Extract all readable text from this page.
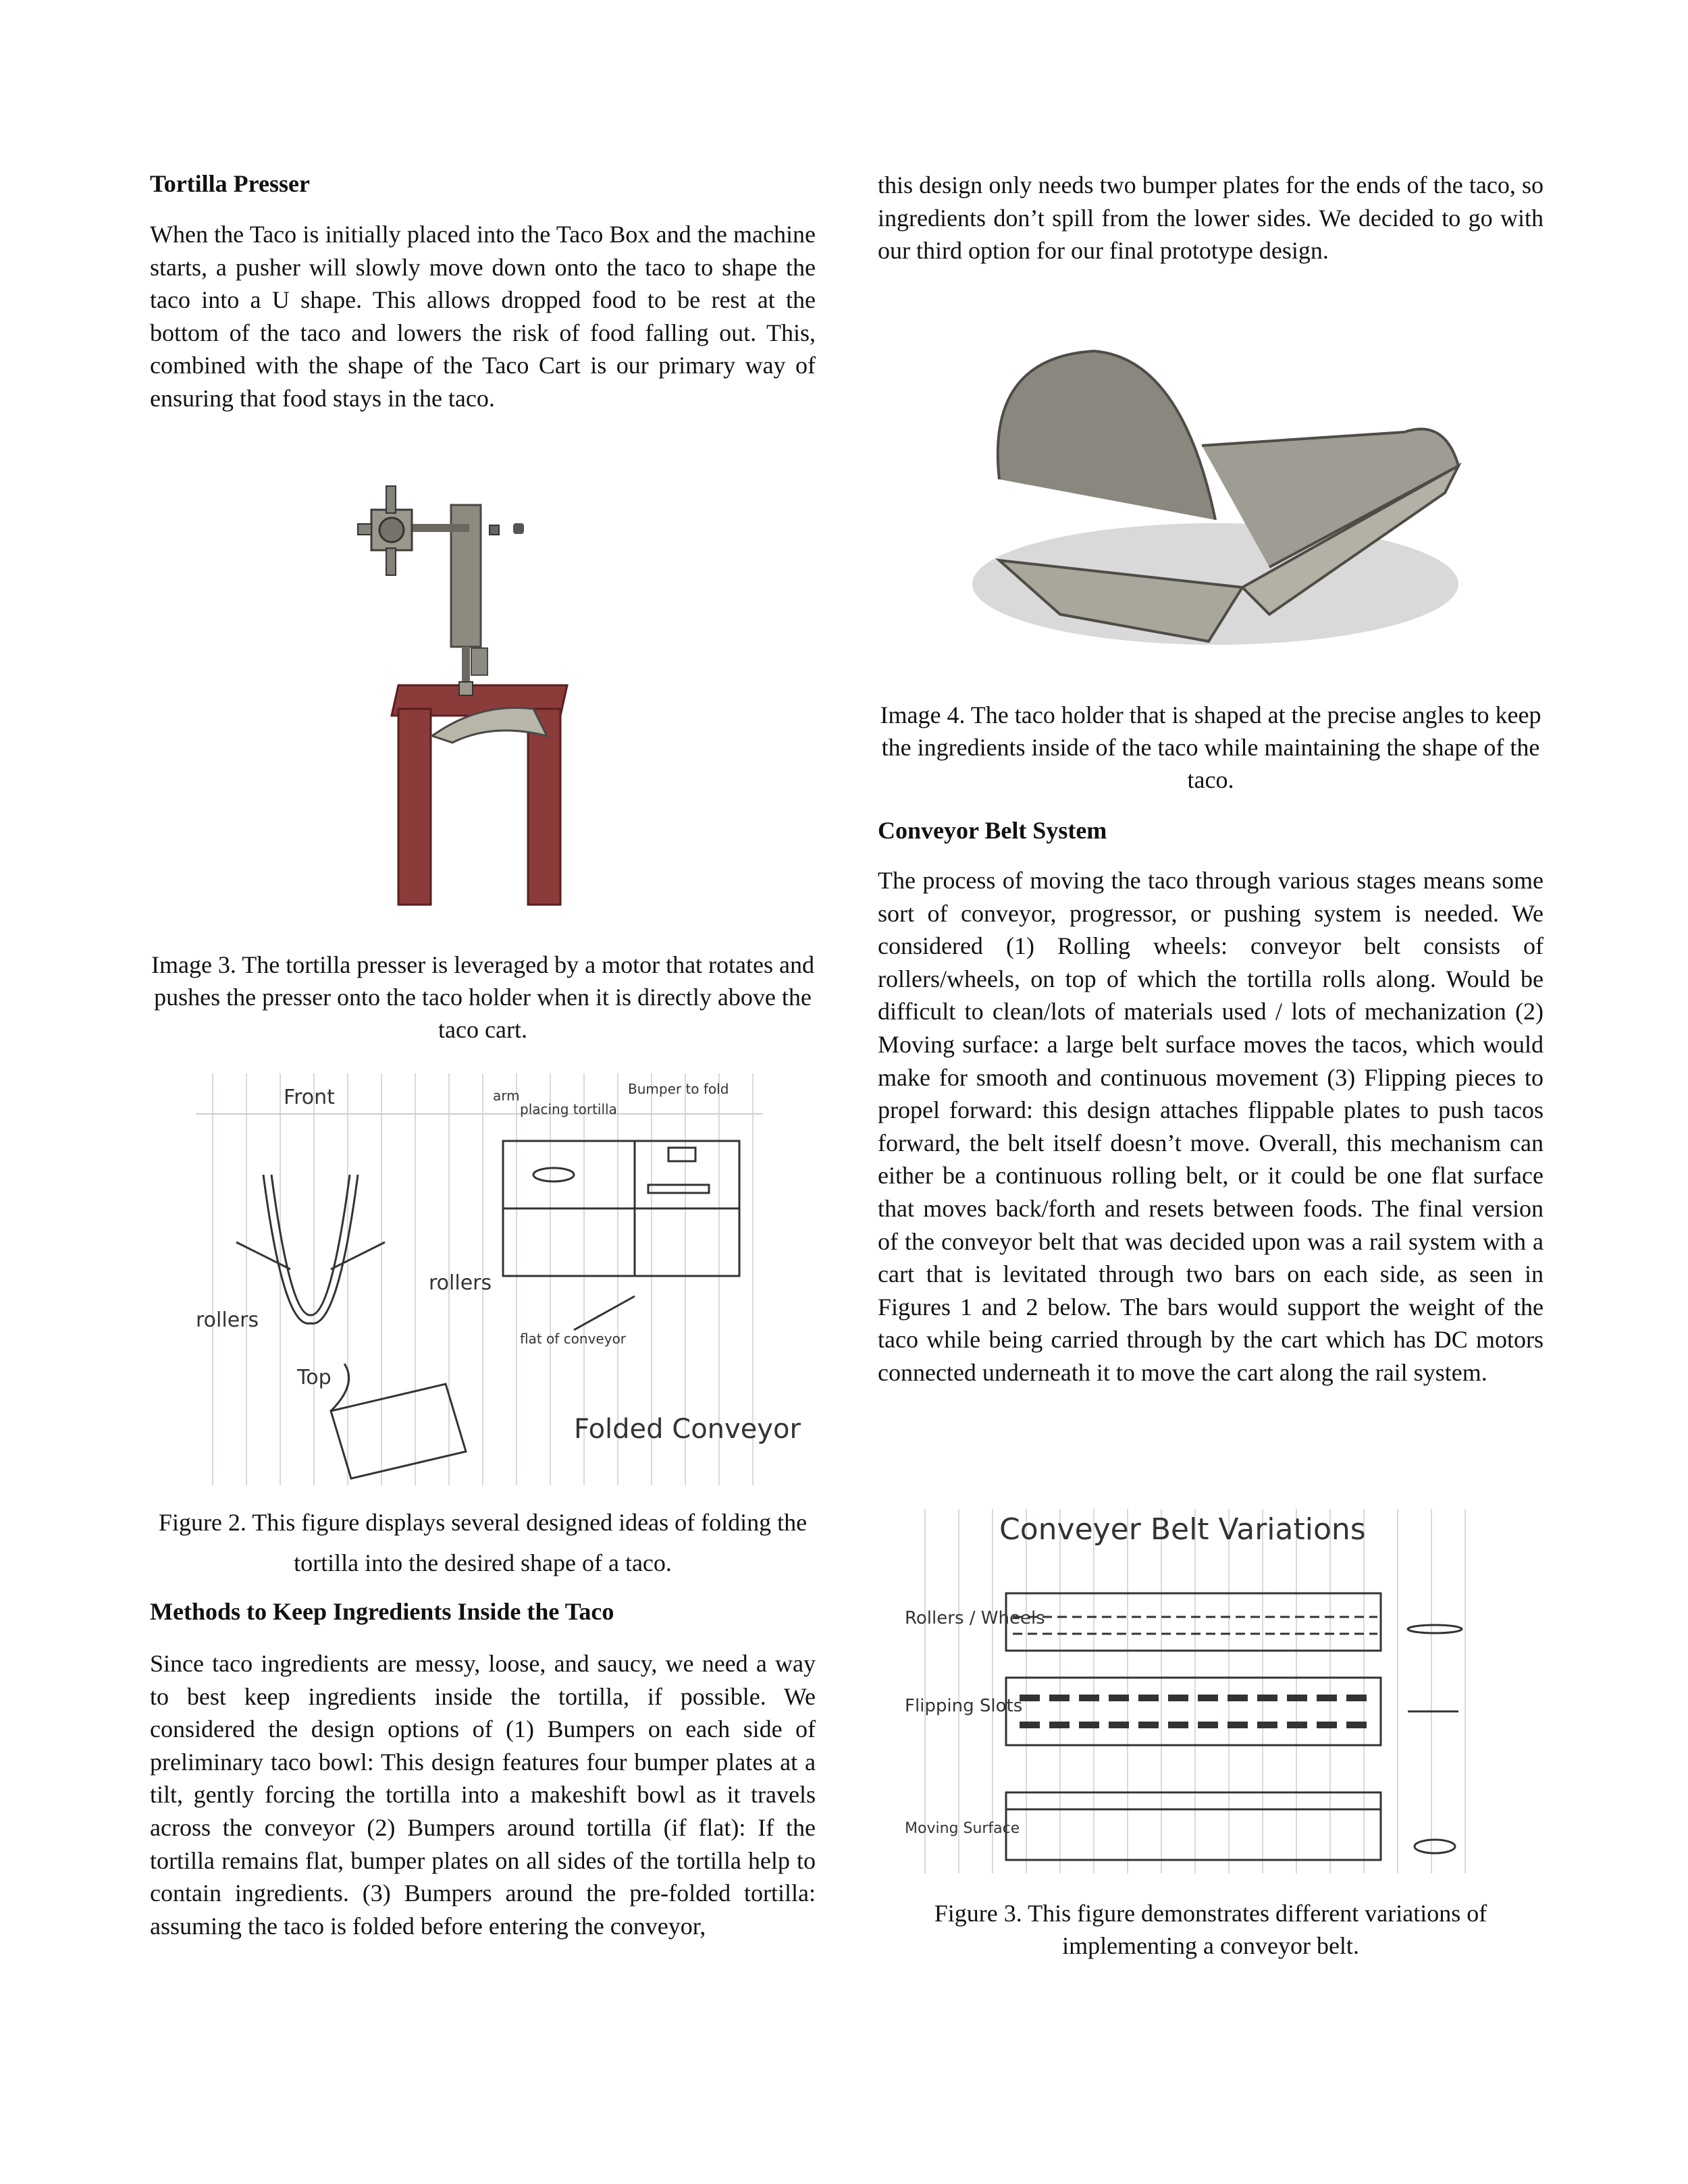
Tortilla Presser

When the Taco is initially placed into the Taco Box and the machine starts, a pusher will slowly move down onto the taco to shape the taco into a U shape. This allows dropped food to be rest at the bottom of the taco and lowers the risk of food falling out. This, combined with the shape of the Taco Cart is our primary way of ensuring that food stays in the taco.

Image 3. The tortilla presser is leveraged by a motor that rotates and pushes the presser onto the taco holder when it is directly above the taco cart.

Front	arm
placing tortilla
Bumper to fold
rollers
rollers
flat of conveyor
Top
Folded Conveyor

Figure 2. This figure displays several designed ideas of folding the tortilla into the desired shape of a taco.

Methods to Keep Ingredients Inside the Taco

Since taco ingredients are messy, loose, and saucy, we need a way to best keep ingredients inside the tortilla, if possible. We considered the design options of (1) Bumpers on each side of preliminary taco bowl: This design features four bumper plates at a tilt, gently forcing the tortilla into a makeshift bowl as it travels across the conveyor (2) Bumpers around tortilla (if flat): If the tortilla remains flat, bumper plates on all sides of the tortilla help to contain ingredients. (3) Bumpers around the pre-folded tortilla: assuming the taco is folded before entering the conveyor,

this design only needs two bumper plates for the ends of the taco, so ingredients don’t spill from the lower sides. We decided to go with our third option for our final prototype design.

Image 4. The taco holder that is shaped at the precise angles to keep the ingredients inside of the taco while maintaining the shape of the taco.

Conveyor Belt System

The process of moving the taco through various stages means some sort of conveyor, progressor, or pushing system is needed. We considered (1) Rolling wheels: conveyor belt consists of rollers/wheels, on top of which the tortilla rolls along. Would be difficult to clean/lots of materials used / lots of mechanization (2) Moving surface: a large belt surface moves the tacos, which would make for smooth and continuous movement (3) Flipping pieces to propel forward: this design attaches flippable plates to push tacos forward, the belt itself doesn’t move. Overall, this mechanism can either be a continuous rolling belt, or it could be one flat surface that moves back/forth and resets between foods. The final version of the conveyor belt that was decided upon was a rail system with a cart that is levitated through two bars on each side, as seen in Figures 1 and 2 below. The bars would support the weight of the taco while being carried through by the cart which has DC motors connected underneath it to move the cart along the rail system.

Conveyer Belt Variations
Rollers / Wheels
Flipping Slots
Moving Surface

Figure 3. This figure demonstrates different variations of implementing a conveyor belt.
